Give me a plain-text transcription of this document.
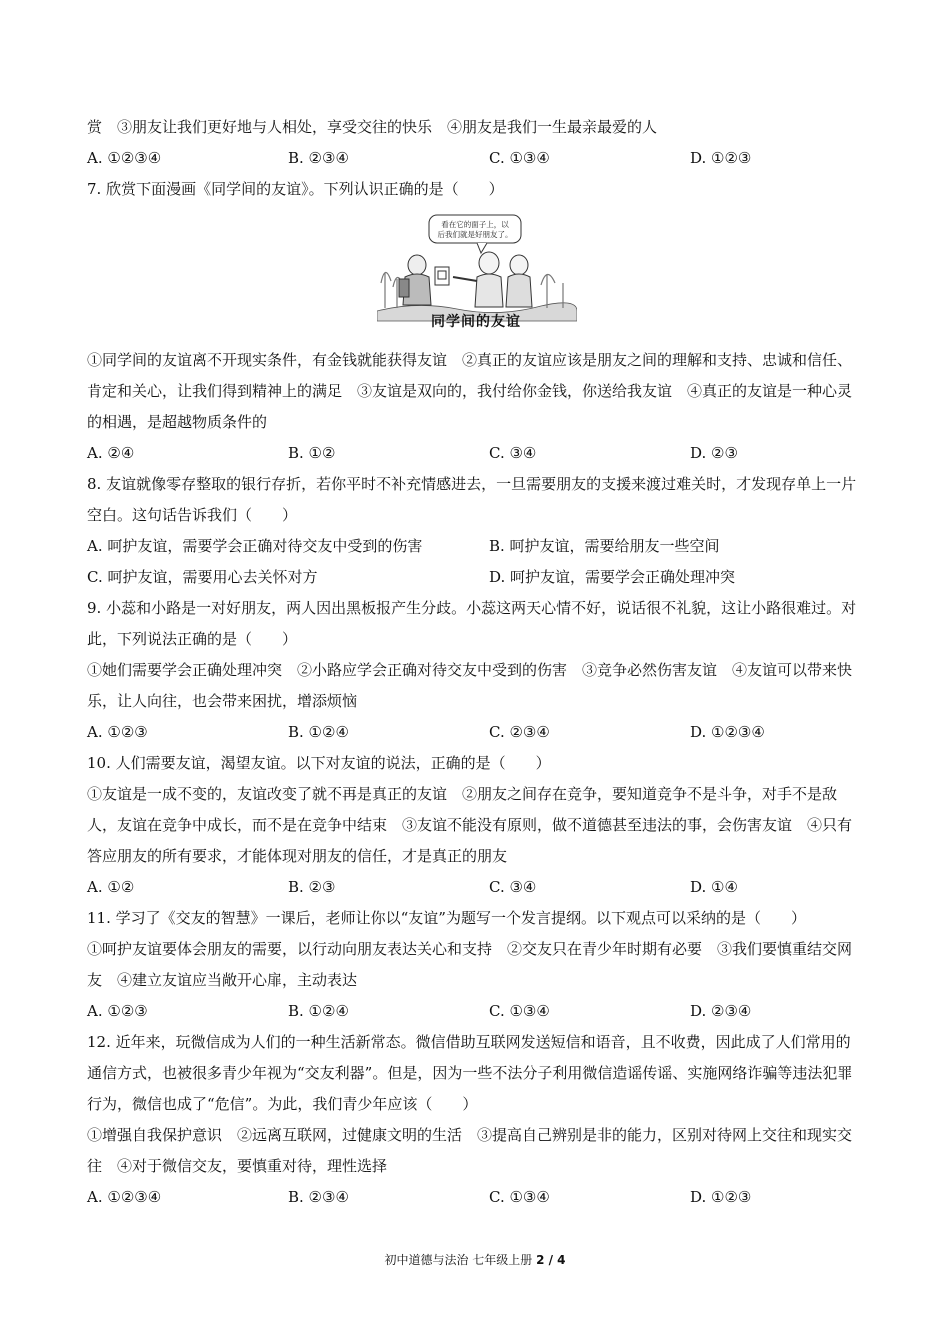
赏　③朋友让我们更好地与人相处，享受交往的快乐　④朋友是我们一生最亲最爱的人
A. ①②③④	B. ②③④	C. ①③④	D. ①②③
7. 欣赏下面漫画《同学间的友谊》。下列认识正确的是（　　）
看在它的面子上，以
后我们就是好朋友了。
同学间的友谊
①同学间的友谊离不开现实条件，有金钱就能获得友谊　②真正的友谊应该是朋友之间的理解和支持、忠诚和信任、肯定和关心，让我们得到精神上的满足　③友谊是双向的，我付给你金钱，你送给我友谊　④真正的友谊是一种心灵的相遇，是超越物质条件的
A. ②④	B. ①②	C. ③④	D. ②③
8. 友谊就像零存整取的银行存折，若你平时不补充情感进去，一旦需要朋友的支援来渡过难关时，才发现存单上一片空白。这句话告诉我们（　　）
A. 呵护友谊，需要学会正确对待交友中受到的伤害	B. 呵护友谊，需要给朋友一些空间
C. 呵护友谊，需要用心去关怀对方	D. 呵护友谊，需要学会正确处理冲突
9. 小蕊和小路是一对好朋友，两人因出黑板报产生分歧。小蕊这两天心情不好，说话很不礼貌，这让小路很难过。对此，下列说法正确的是（　　）
①她们需要学会正确处理冲突　②小路应学会正确对待交友中受到的伤害　③竞争必然伤害友谊　④友谊可以带来快乐，让人向往，也会带来困扰，增添烦恼
A. ①②③	B. ①②④	C. ②③④	D. ①②③④
10. 人们需要友谊，渴望友谊。以下对友谊的说法，正确的是（　　）
①友谊是一成不变的，友谊改变了就不再是真正的友谊　②朋友之间存在竞争，要知道竞争不是斗争，对手不是敌人，友谊在竞争中成长，而不是在竞争中结束　③友谊不能没有原则，做不道德甚至违法的事，会伤害友谊　④只有答应朋友的所有要求，才能体现对朋友的信任，才是真正的朋友
A. ①②	B. ②③	C. ③④	D. ①④
11. 学习了《交友的智慧》一课后，老师让你以“友谊”为题写一个发言提纲。以下观点可以采纳的是（　　）
①呵护友谊要体会朋友的需要，以行动向朋友表达关心和支持　②交友只在青少年时期有必要　③我们要慎重结交网友　④建立友谊应当敞开心扉，主动表达
A. ①②③	B. ①②④	C. ①③④	D. ②③④
12. 近年来，玩微信成为人们的一种生活新常态。微信借助互联网发送短信和语音，且不收费，因此成了人们常用的通信方式，也被很多青少年视为“交友利器”。但是，因为一些不法分子利用微信造谣传谣、实施网络诈骗等违法犯罪行为，微信也成了“危信”。为此，我们青少年应该（　　）
①增强自我保护意识　②远离互联网，过健康文明的生活　③提高自己辨别是非的能力，区别对待网上交往和现实交往　④对于微信交友，要慎重对待，理性选择
A. ①②③④	B. ②③④	C. ①③④	D. ①②③
初中道德与法治 七年级上册 2 / 4
